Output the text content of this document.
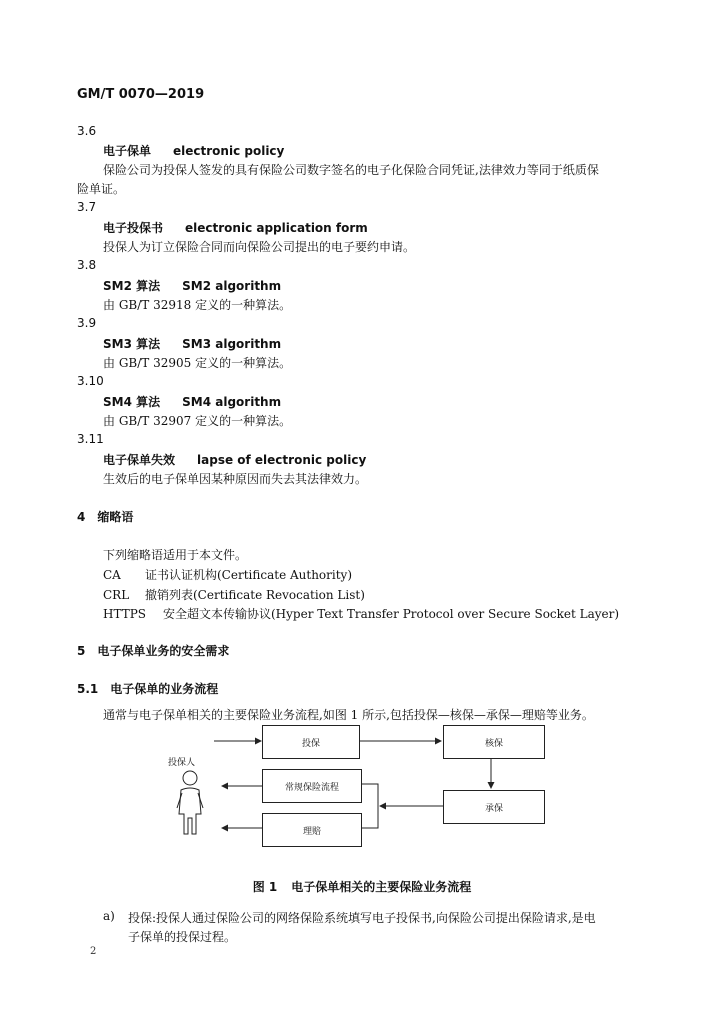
GM/T 0070—2019
3.6
电子保单 electronic policy
保险公司为投保人签发的具有保险公司数字签名的电子化保险合同凭证,法律效力等同于纸质保
险单证。
3.7
电子投保书 electronic application form
投保人为订立保险合同而向保险公司提出的电子要约申请。
3.8
SM2 算法 SM2 algorithm
由 GB/T 32918 定义的一种算法。
3.9
SM3 算法 SM3 algorithm
由 GB/T 32905 定义的一种算法。
3.10
SM4 算法 SM4 algorithm
由 GB/T 32907 定义的一种算法。
3.11
电子保单失效 lapse of electronic policy
生效后的电子保单因某种原因而失去其法律效力。
4　缩略语
下列缩略语适用于本文件。
CA 证书认证机构(Certificate Authority)
CRL 撤销列表(Certificate Revocation List)
HTTPS 安全超文本传输协议(Hyper Text Transfer Protocol over Secure Socket Layer)
5　电子保单业务的安全需求
5.1　电子保单的业务流程
通常与电子保单相关的主要保险业务流程,如图 1 所示,包括投保—核保—承保—理赔等业务。
投保人
投保	核保
承保
常规保险流程
理赔
图 1 电子保单相关的主要保险业务流程
a) 投保:投保人通过保险公司的网络保险系统填写电子投保书,向保险公司提出保险请求,是电
子保单的投保过程。
2
